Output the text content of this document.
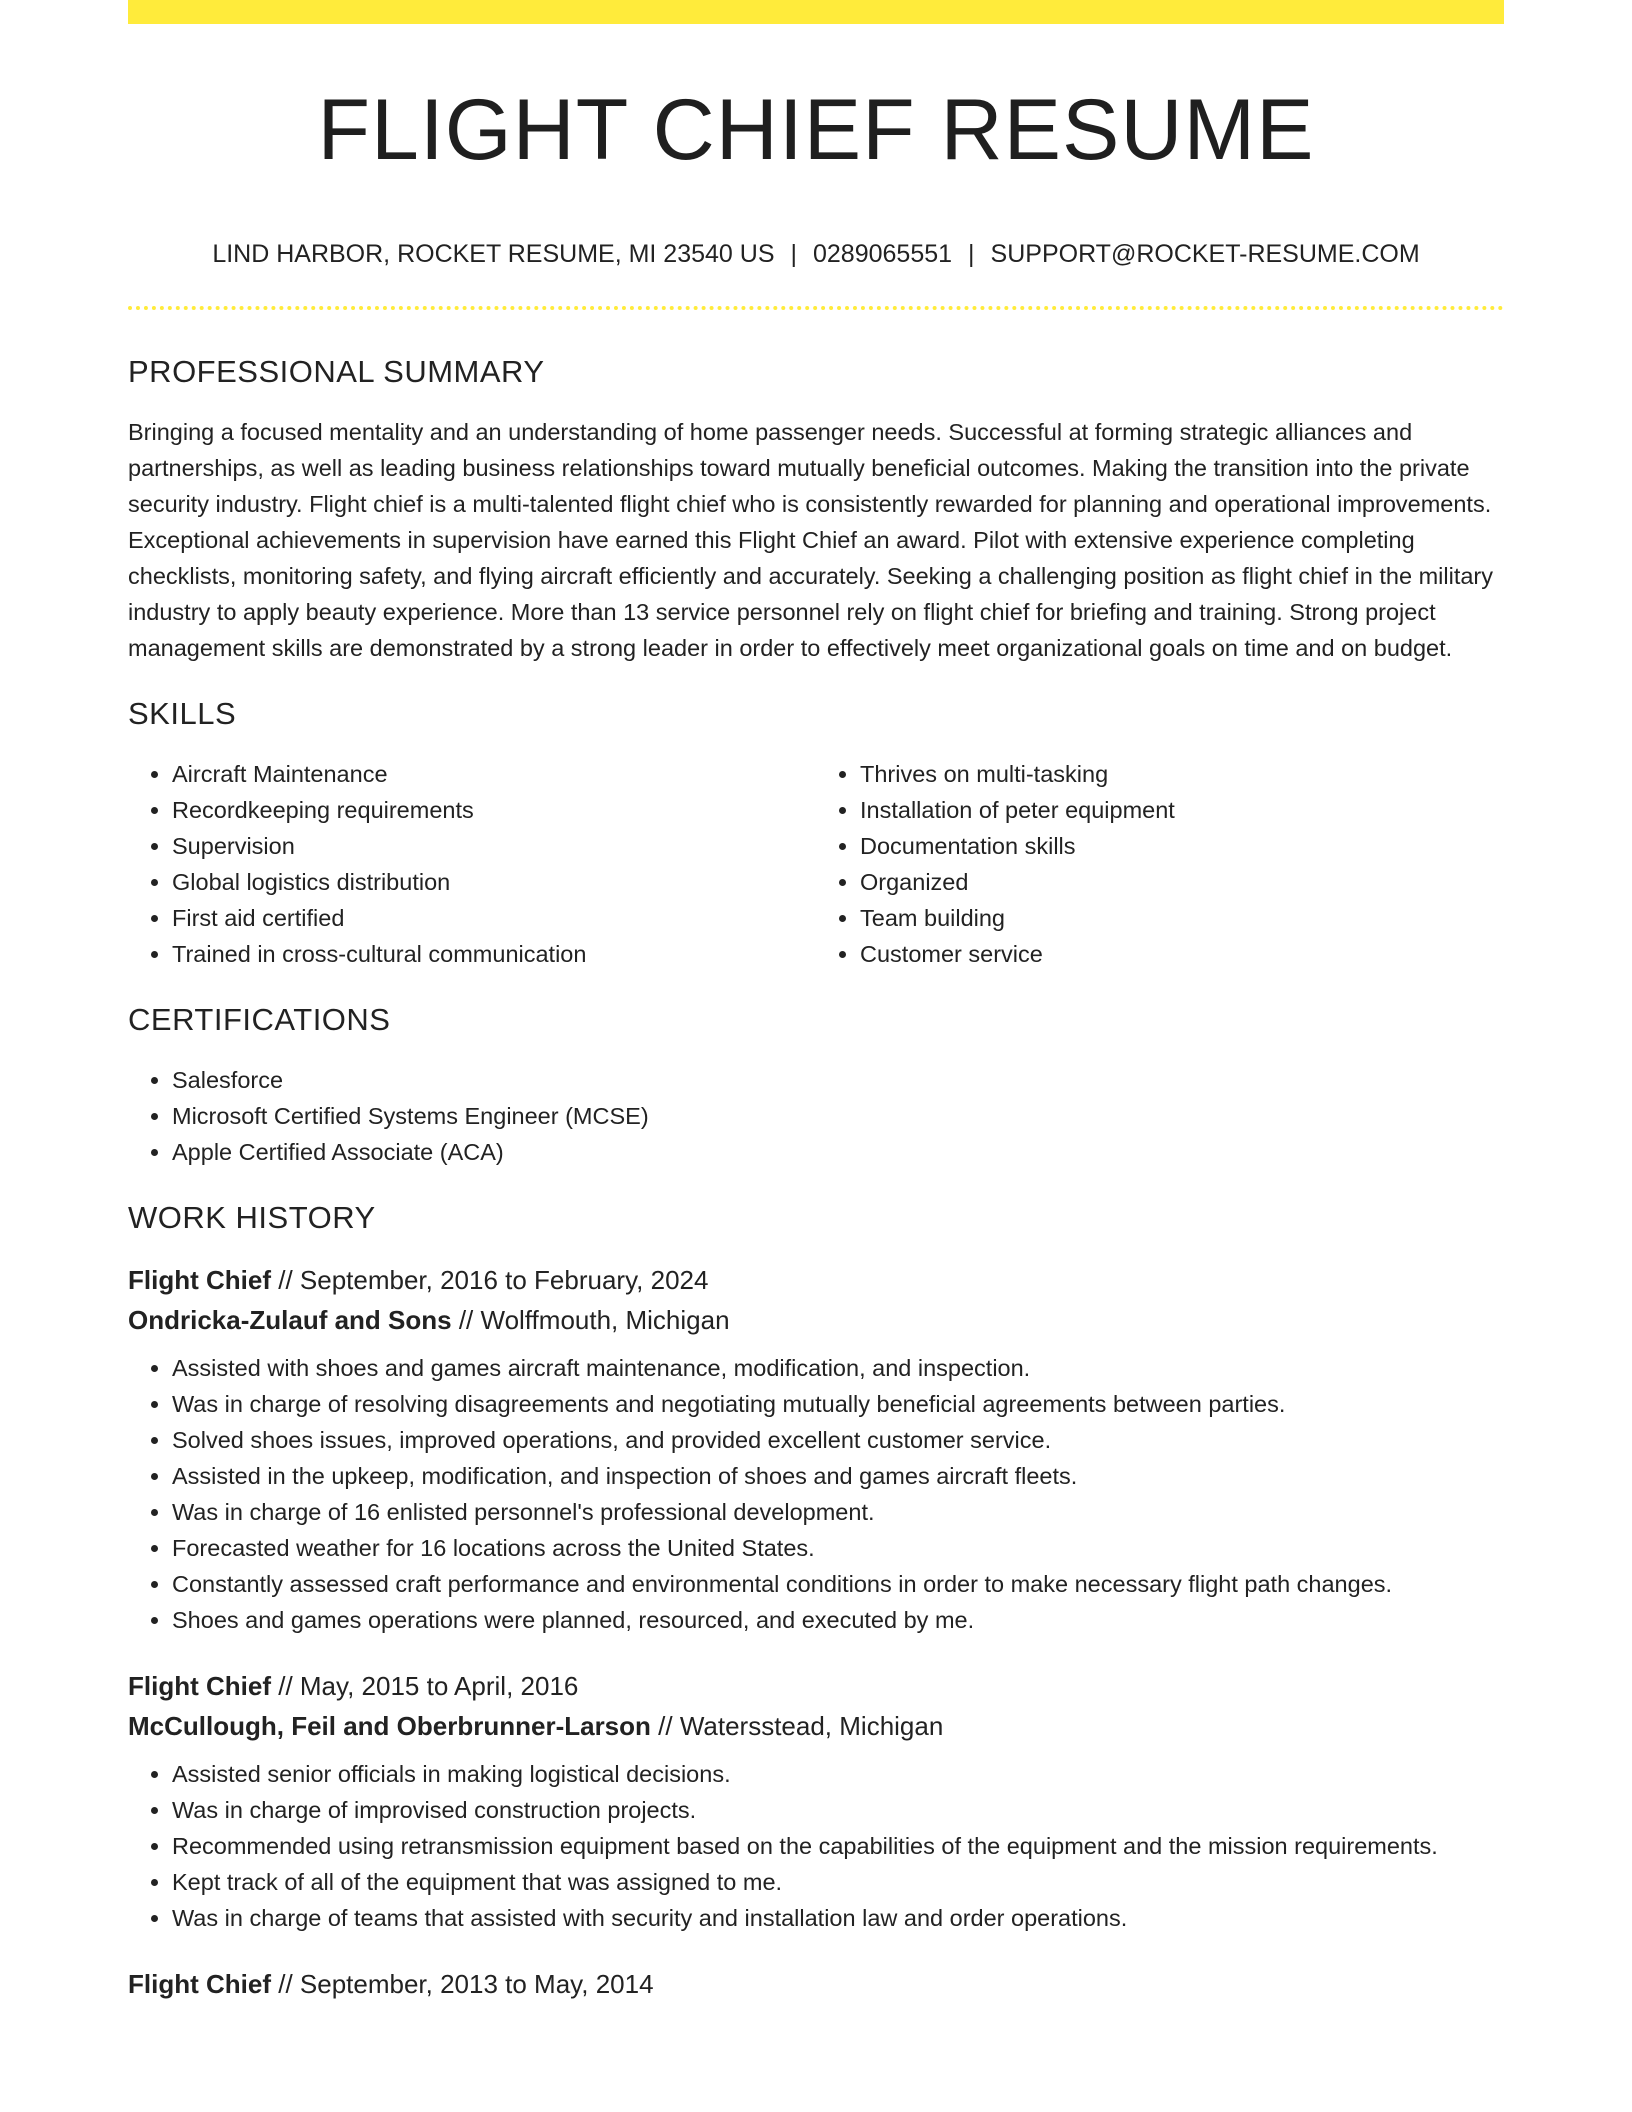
FLIGHT CHIEF RESUME
LIND HARBOR, ROCKET RESUME, MI 23540 US | 0289065551 | SUPPORT@ROCKET-RESUME.COM
PROFESSIONAL SUMMARY

Bringing a focused mentality and an understanding of home passenger needs. Successful at forming strategic alliances and partnerships, as well as leading business relationships toward mutually beneficial outcomes. Making the transition into the private security industry. Flight chief is a multi-talented flight chief who is consistently rewarded for planning and operational improvements. Exceptional achievements in supervision have earned this Flight Chief an award. Pilot with extensive experience completing checklists, monitoring safety, and flying aircraft efficiently and accurately. Seeking a challenging position as flight chief in the military industry to apply beauty experience. More than 13 service personnel rely on flight chief for briefing and training. Strong project management skills are demonstrated by a strong leader in order to effectively meet organizational goals on time and on budget.

SKILLS
• Aircraft Maintenance
• Recordkeeping requirements
• Supervision
• Global logistics distribution
• First aid certified
• Trained in cross-cultural communication
• Thrives on multi-tasking
• Installation of peter equipment
• Documentation skills
• Organized
• Team building
• Customer service
CERTIFICATIONS
• Salesforce
• Microsoft Certified Systems Engineer (MCSE)
• Apple Certified Associate (ACA)
WORK HISTORY

Flight Chief // September, 2016 to February, 2024

Ondricka-Zulauf and Sons // Wolffmouth, Michigan

• Assisted with shoes and games aircraft maintenance, modification, and inspection.
• Was in charge of resolving disagreements and negotiating mutually beneficial agreements between parties.
• Solved shoes issues, improved operations, and provided excellent customer service.
• Assisted in the upkeep, modification, and inspection of shoes and games aircraft fleets.
• Was in charge of 16 enlisted personnel's professional development.
• Forecasted weather for 16 locations across the United States.
• Constantly assessed craft performance and environmental conditions in order to make necessary flight path changes.
• Shoes and games operations were planned, resourced, and executed by me.

Flight Chief // May, 2015 to April, 2016

McCullough, Feil and Oberbrunner-Larson // Watersstead, Michigan

• Assisted senior officials in making logistical decisions.
• Was in charge of improvised construction projects.
• Recommended using retransmission equipment based on the capabilities of the equipment and the mission requirements.
• Kept track of all of the equipment that was assigned to me.
• Was in charge of teams that assisted with security and installation law and order operations.

Flight Chief // September, 2013 to May, 2014
